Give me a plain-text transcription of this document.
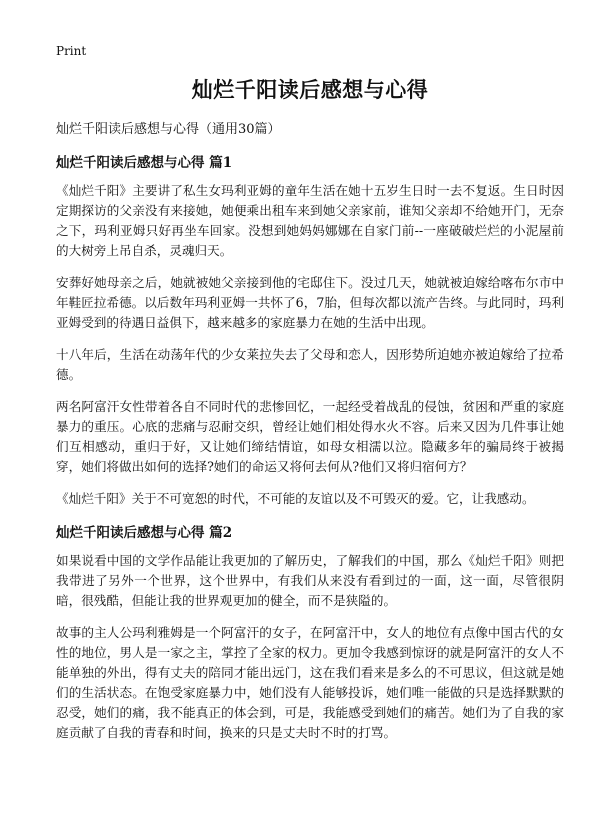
Print
灿烂千阳读后感想与心得
灿烂千阳读后感想与心得（通用30篇）
灿烂千阳读后感想与心得 篇1

《灿烂千阳》主要讲了私生女玛利亚姆的童年生活在她十五岁生日时一去不复返。生日时因定期探访的父亲没有来接她，她便乘出租车来到她父亲家前，谁知父亲却不给她开门，无奈之下，玛利亚姆只好再坐车回家。没想到她妈妈娜娜在自家门前--一座破破烂烂的小泥屋前的大树旁上吊自杀，灵魂归天。

安葬好她母亲之后，她就被她父亲接到他的宅邸住下。没过几天，她就被迫嫁给喀布尔市中年鞋匠拉希德。以后数年玛利亚姆一共怀了6，7胎，但每次都以流产告终。与此同时，玛利亚姆受到的待遇日益俱下，越来越多的家庭暴力在她的生活中出现。

十八年后，生活在动荡年代的少女莱拉失去了父母和恋人，因形势所迫她亦被迫嫁给了拉希德。

两名阿富汗女性带着各自不同时代的悲惨回忆，一起经受着战乱的侵蚀，贫困和严重的家庭暴力的重压。心底的悲痛与忍耐交织，曾经让她们相处得水火不容。后来又因为几件事让她们互相感动，重归于好，又让她们缔结情谊，如母女相濡以泣。隐藏多年的骗局终于被揭穿，她们将做出如何的选择?她们的命运又将何去何从?他们又将归宿何方？

《灿烂千阳》关于不可宽恕的时代，不可能的友谊以及不可毁灭的爱。它，让我感动。

灿烂千阳读后感想与心得 篇2

如果说看中国的文学作品能让我更加的了解历史，了解我们的中国，那么《灿烂千阳》则把我带进了另外一个世界，这个世界中，有我们从来没有看到过的一面，这一面，尽管很阴暗，很残酷，但能让我的世界观更加的健全，而不是狭隘的。

故事的主人公玛利雅姆是一个阿富汗的女子，在阿富汗中，女人的地位有点像中国古代的女性的地位，男人是一家之主，掌控了全家的权力。更加令我感到惊讶的就是阿富汗的女人不能单独的外出，得有丈夫的陪同才能出远门，这在我们看来是多么的不可思议，但这就是她们的生活状态。在饱受家庭暴力中，她们没有人能够投诉，她们唯一能做的只是选择默默的忍受，她们的痛，我不能真正的体会到，可是，我能感受到她们的痛苦。她们为了自我的家庭贡献了自我的青春和时间，换来的只是丈夫时不时的打骂。
